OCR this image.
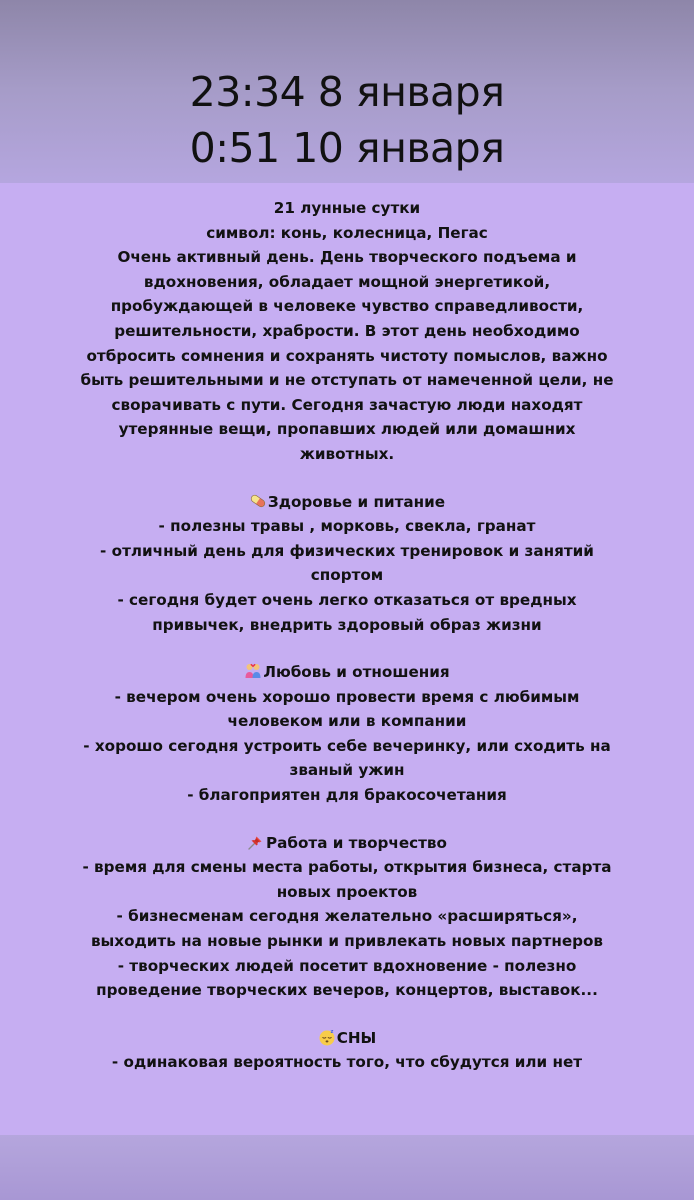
23:34 8 января
0:51 10 января

21 лунные сутки

символ: конь, колесница, Пегас

Очень активный день. День творческого подъема и

вдохновения, обладает мощной энергетикой,

пробуждающей в человеке чувство справедливости,

решительности, храбрости. В этот день необходимо

отбросить сомнения и сохранять чистоту помыслов, важно

быть решительными и не отступать от намеченной цели, не

сворачивать с пути. Сегодня зачастую люди находят

утерянные вещи, пропавших людей или домашних

животных.

Здоровье и питание

- полезны травы , морковь, свекла, гранат

- отличный день для физических тренировок и занятий

спортом

- сегодня будет очень легко отказаться от вредных

привычек, внедрить здоровый образ жизни

Любовь и отношения

- вечером очень хорошо провести время с любимым

человеком или в компании

- хорошо сегодня устроить себе вечеринку, или сходить на

званый ужин

- благоприятен для бракосочетания

Работа и творчество

- время для смены места работы, открытия бизнеса, старта

новых проектов

- бизнесменам сегодня желательно «расширяться»,

выходить на новые рынки и привлекать новых партнеров

- творческих людей посетит вдохновение - полезно

проведение творческих вечеров, концертов, выставок...

z СНЫ

- одинаковая вероятность того, что сбудутся или нет
